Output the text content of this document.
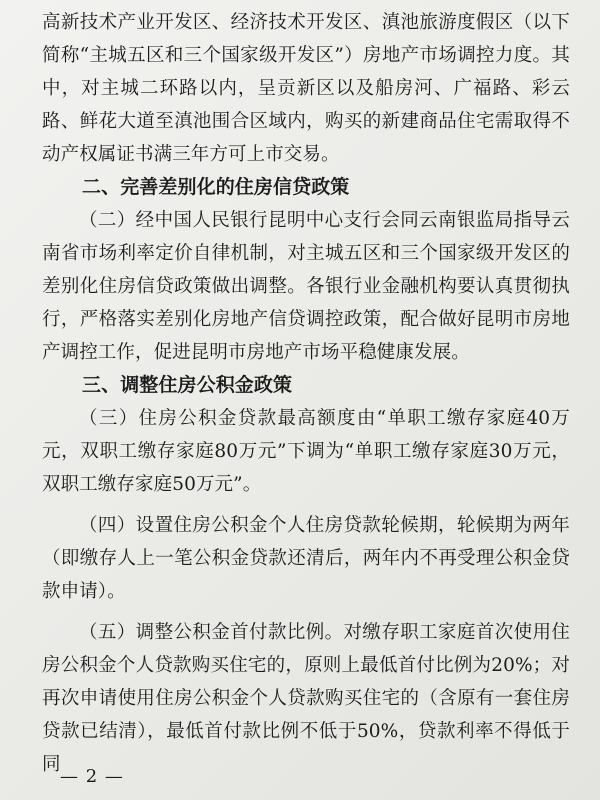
高新技术产业开发区、经济技术开发区、滇池旅游度假区（以下简称“主城五区和三个国家级开发区”）房地产市场调控力度。其中，对主城二环路以内，呈贡新区以及船房河、广福路、彩云路、鲜花大道至滇池围合区域内，购买的新建商品住宅需取得不动产权属证书满三年方可上市交易。

二、完善差别化的住房信贷政策

（二）经中国人民银行昆明中心支行会同云南银监局指导云南省市场利率定价自律机制，对主城五区和三个国家级开发区的差别化住房信贷政策做出调整。各银行业金融机构要认真贯彻执行，严格落实差别化房地产信贷调控政策，配合做好昆明市房地产调控工作，促进昆明市房地产市场平稳健康发展。

三、调整住房公积金政策

（三）住房公积金贷款最高额度由“单职工缴存家庭40万元，双职工缴存家庭80万元”下调为“单职工缴存家庭30万元，双职工缴存家庭50万元”。

（四）设置住房公积金个人住房贷款轮候期，轮候期为两年（即缴存人上一笔公积金贷款还清后，两年内不再受理公积金贷款申请）。

（五）调整公积金首付款比例。对缴存职工家庭首次使用住房公积金个人贷款购买住宅的，原则上最低首付比例为20%；对再次申请使用住房公积金个人贷款购买住宅的（含原有一套住房贷款已结清），最低首付款比例不低于50%，贷款利率不得低于同

— 2 —
